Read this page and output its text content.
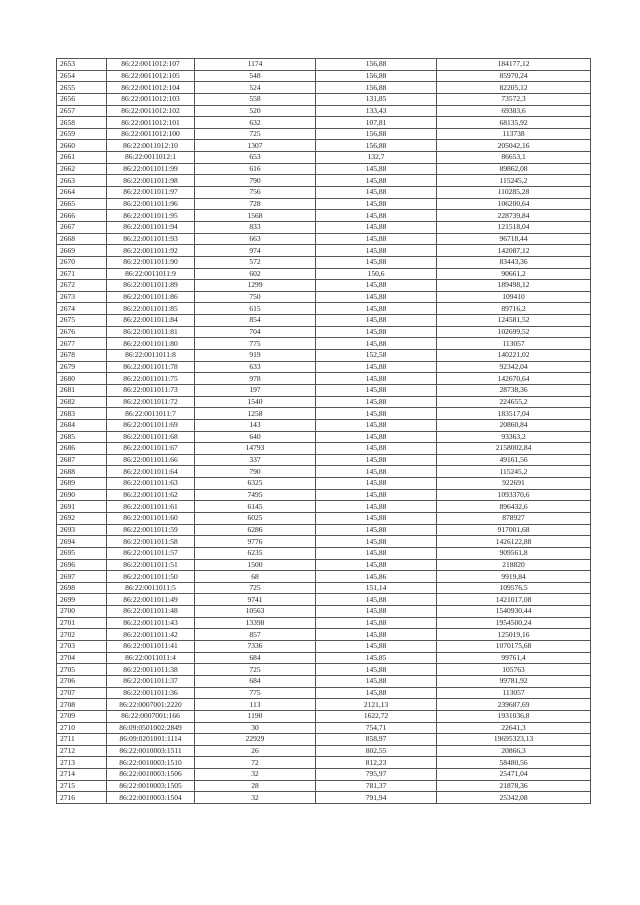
2653	86:22:0011012:107	1174	156,88	184177,12
2654	86:22:0011012:105	548	156,88	85970,24
2655	86:22:0011012:104	524	156,88	82205,12
2656	86:22:0011012:103	558	131,85	73572,3
2657	86:22:0011012:102	520	133,43	69383,6
2658	86:22:0011012:101	632	107,81	68135,92
2659	86:22:0011012:100	725	156,88	113738
2660	86:22:0011012:10	1307	156,88	205042,16
2661	86:22:0011012:1	653	132,7	86653,1
2662	86:22:0011011:99	616	145,88	89862,08
2663	86:22:0011011:98	790	145,88	115245,2
2664	86:22:0011011:97	756	145,88	110285,28
2665	86:22:0011011:96	728	145,88	106200,64
2666	86:22:0011011:95	1568	145,88	228739,84
2667	86:22:0011011:94	833	145,88	121518,04
2668	86:22:0011011:93	663	145,88	96718,44
2669	86:22:0011011:92	974	145,88	142087,12
2670	86:22:0011011:90	572	145,88	83443,36
2671	86:22:0011011:9	602	150,6	90661,2
2672	86:22:0011011:89	1299	145,88	189498,12
2673	86:22:0011011:86	750	145,88	109410
2674	86:22:0011011:85	615	145,88	89716,2
2675	86:22:0011011:84	854	145,88	124581,52
2676	86:22:0011011:81	704	145,88	102699,52
2677	86:22:0011011:80	775	145,88	113057
2678	86:22:0011011:8	919	152,58	140221,02
2679	86:22:0011011:78	633	145,88	92342,04
2680	86:22:0011011:75	978	145,88	142670,64
2681	86:22:0011011:73	197	145,88	28738,36
2682	86:22:0011011:72	1540	145,88	224655,2
2683	86:22:0011011:7	1258	145,88	183517,04
2684	86:22:0011011:69	143	145,88	20860,84
2685	86:22:0011011:68	640	145,88	93363,2
2686	86:22:0011011:67	14793	145,88	2158002,84
2687	86:22:0011011:66	337	145,88	49161,56
2688	86:22:0011011:64	790	145,88	115245,2
2689	86:22:0011011:63	6325	145,88	922691
2690	86:22:0011011:62	7495	145,88	1093370,6
2691	86:22:0011011:61	6145	145,88	896432,6
2692	86:22:0011011:60	6025	145,88	878927
2693	86:22:0011011:59	6286	145,88	917001,68
2694	86:22:0011011:58	9776	145,88	1426122,88
2695	86:22:0011011:57	6235	145,88	909561,8
2696	86:22:0011011:51	1500	145,88	218820
2697	86:22:0011011:50	68	145,86	9919,84
2698	86:22:0011011:5	725	151,14	109576,5
2699	86:22:0011011:49	9741	145,88	1421017,08
2700	86:22:0011011:48	10563	145,88	1540930,44
2701	86:22:0011011:43	13398	145,88	1954500,24
2702	86:22:0011011:42	857	145,88	125019,16
2703	86:22:0011011:41	7336	145,88	1070175,68
2704	86:22:0011011:4	684	145,85	99761,4
2705	86:22:0011011:38	725	145,88	105763
2706	86:22:0011011:37	684	145,88	99781,92
2707	86:22:0011011:36	775	145,88	113057
2708	86:22:0007001:2220	113	2121,13	239687,69
2709	86:22:0007001:166	1190	1622,72	1931036,8
2710	86:09:0501002:2849	30	754,71	22641,3
2711	86:09:0201001:1114	22929	858,97	19695323,13
2712	86:22:0010003:1511	26	802,55	20866,3
2713	86:22:0010003:1510	72	812,23	58480,56
2714	86:22:0010003:1506	32	795,97	25471,04
2715	86:22:0010003:1505	28	781,37	21878,36
2716	86:22:0010003:1504	32	791,94	25342,08
